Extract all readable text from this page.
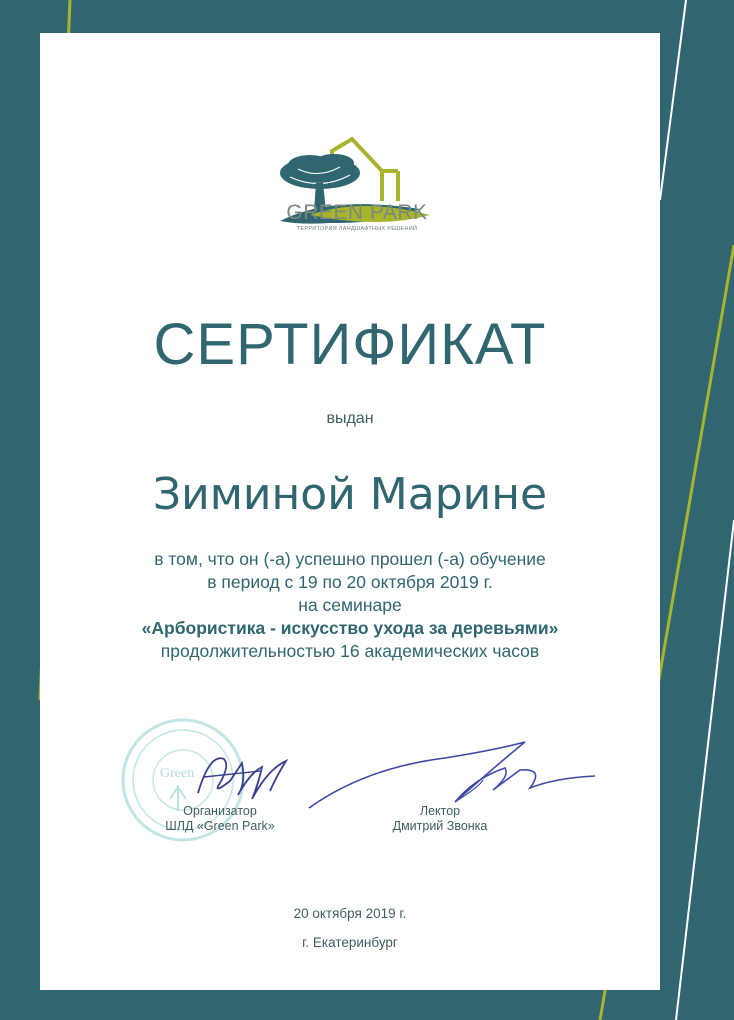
GREEN PARK
ТЕРРИТОРИЯ ЛАНДШАФТНЫХ РЕШЕНИЙ
СЕРТИФИКАТ
выдан
Зиминой Марине
в том, что он (-а) успешно прошел (-а) обучение
в период с 19 по 20 октября 2019 г.
на семинаре
«Арбористика - искусство ухода за деревьями»
продолжительностью 16 академических часов
Green
Организатор
ШЛД «Green Park»
Лектор
Дмитрий Звонка
20 октября 2019 г.
г. Екатеринбург
